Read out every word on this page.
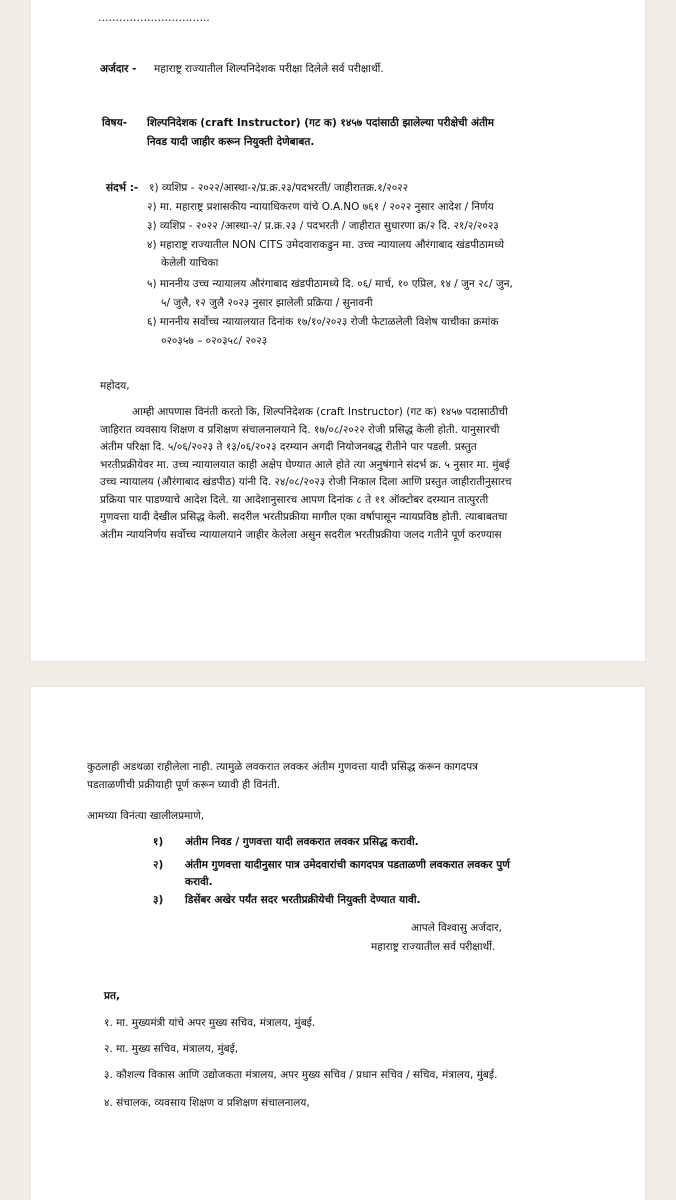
…………………………..
अर्जदार - महाराष्ट्र राज्यातील शिल्पनिदेशक परीक्षा दिलेले सर्व परीक्षार्थी.
विषय- शिल्पनिदेशक (craft Instructor) (गट क) १४५७ पदांसाठी झालेल्या परीक्षेची अंतीम
निवड यादी जाहीर करून नियुक्ती देणेबाबत.
संदर्भ :- १) व्यशिप्र - २०२२/आस्था-२/प्र.क्र.२३/पदभरती/ जाहीरातक्र.१/२०२२
२) मा. महाराष्ट्र प्रशासकीय न्यायाधिकरण यांचे O.A.NO ७६१ / २०२२ नुसार आदेश / निर्णय
३) व्यशिप्र - २०२२ /आस्था-२/ प्र.क्र.२३ / पदभरती / जाहीरात सुधारणा क्र/२ दि. २१/२/२०२३
४) महाराष्ट्र राज्यातील NON CITS उमेदवाराकडुन मा. उच्च न्यायालय औरंगाबाद खंडपीठामध्ये
केलेली याचिका
५) माननीय उच्च न्यायालय औरंगाबाद खंडपीठामध्ये दि. ०६/ मार्च, १० एप्रिल, १४ / जुन २८/ जुन,
५/ जुलै, १२ जुलै २०२३ नुसार झालेली प्रक्रिया / सुनावनी
६) माननीय सर्वोच्च न्यायालयात दिनांक १७/१०/२०२३ रोजी फेटाळलेली विशेष याचीका क्रमांक
०२०३५७ – ०२०३५८/ २०२३
महोदय,
आम्ही आपणास विनंती करतो कि, शिल्पनिदेशक (craft Instructor) (गट क) १४५७ पदासाठीची
जाहिरात व्यवसाय शिक्षण व प्रशिक्षण संचालनालयाने दि. १७/०८/२०२२ रोजी प्रसिद्ध केली होती. यानुसारची
अंतीम परिक्षा दि. ५/०६/२०२३ ते १३/०६/२०२३ दरम्यान अगदी नियोजनबद्ध रीतीने पार पडली. प्रस्तुत
भरतीप्रक्रीयेवर मा. उच्च न्यायालयात काही अक्षेप घेण्यात आले होते त्या अनुषंगाने संदर्भ क्र. ५ नुसार मा. मुंबई
उच्च न्यायालय (औरंगाबाद खंडपीठ) यांनी दि. २४/०८/२०२३ रोजी निकाल दिला आणि प्रस्तुत जाहीरातीनुसारच
प्रक्रिया पार पाडण्याचे आदेश दिले. या आदेशानुसारच आपण दिनांक ८ ते ११ ऑक्टोबर दरम्यान तात्पुरती
गुणवत्ता यादी देखील प्रसिद्ध केली. सदरील भरतीप्रक्रीया मागील एका वर्षापासून न्यायप्रविष्ठ होती. त्याबाबतचा
अंतीम न्यायनिर्णय सर्वोच्च न्यायालयाने जाहीर केलेला असुन सदरील भरतीप्रक्रीया जलद गतीने पूर्ण करण्यास
कुठलाही अडथळा राहीलेला नाही. त्यामुळे लवकरात लवकर अंतीम गुणवत्ता यादी प्रसिद्ध करून कागदपत्र
पडताळणीची प्रक्रीयाही पूर्ण करून घ्यावी ही विनंती.
आमच्या विनंत्या खालीलप्रमाणे,
१) अंतीम निवड / गुणवत्ता यादी लवकरात लवकर प्रसिद्ध करावी.
२) अंतीम गुणवत्ता यादीनुसार पात्र उमेदवारांची कागदपत्र पडताळणी लवकरात लवकर पुर्ण
करावी.
३) डिसेंबर अखेर पर्यंत सदर भरतीप्रक्रीयेची नियुक्ती देण्यात यावी.
आपले विश्वासु अर्जदार,
महाराष्ट्र राज्यातील सर्व परीक्षार्थी.
प्रत,
१. मा. मुख्यमंत्री यांचे अपर मुख्य सचिव, मंत्रालय, मुंबई.
२. मा. मुख्य सचिव, मंत्रालय, मुंबई,
३. कौशल्य विकास आणि उद्योजकता मंत्रालय, अपर मुख्य सचिव / प्रधान सचिव / सचिव, मंत्रालय, मुंबई.
४. संचालक, व्यवसाय शिक्षण व प्रशिक्षण संचालनालय,
